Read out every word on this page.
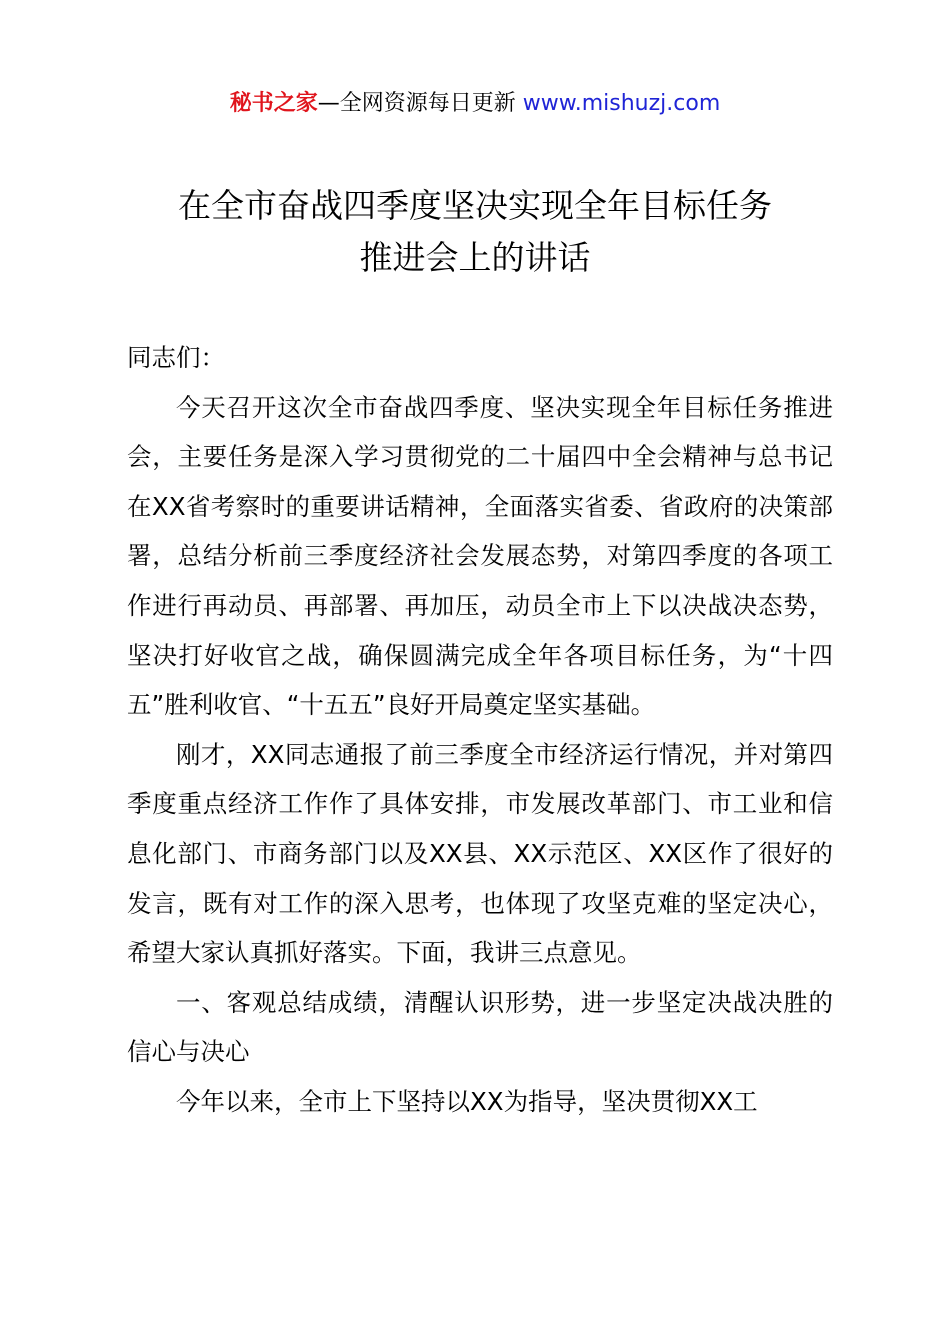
秘书之家—全网资源每日更新 www.mishuzj.com
在全市奋战四季度坚决实现全年目标任务
推进会上的讲话

同志们：

今天召开这次全市奋战四季度、坚决实现全年目标任务推进会，主要任务是深入学习贯彻党的二十届四中全会精神与总书记在XX省考察时的重要讲话精神，全面落实省委、省政府的决策部署，总结分析前三季度经济社会发展态势，对第四季度的各项工作进行再动员、再部署、再加压，动员全市上下以决战决态势，坚决打好收官之战，确保圆满完成全年各项目标任务，为“十四五”胜利收官、“十五五”良好开局奠定坚实基础。

刚才，XX同志通报了前三季度全市经济运行情况，并对第四季度重点经济工作作了具体安排，市发展改革部门、市工业和信息化部门、市商务部门以及XX县、XX示范区、XX区作了很好的发言，既有对工作的深入思考，也体现了攻坚克难的坚定决心，希望大家认真抓好落实。下面，我讲三点意见。

一、客观总结成绩，清醒认识形势，进一步坚定决战决胜的信心与决心

今年以来，全市上下坚持以XX为指导，坚决贯彻XX工
